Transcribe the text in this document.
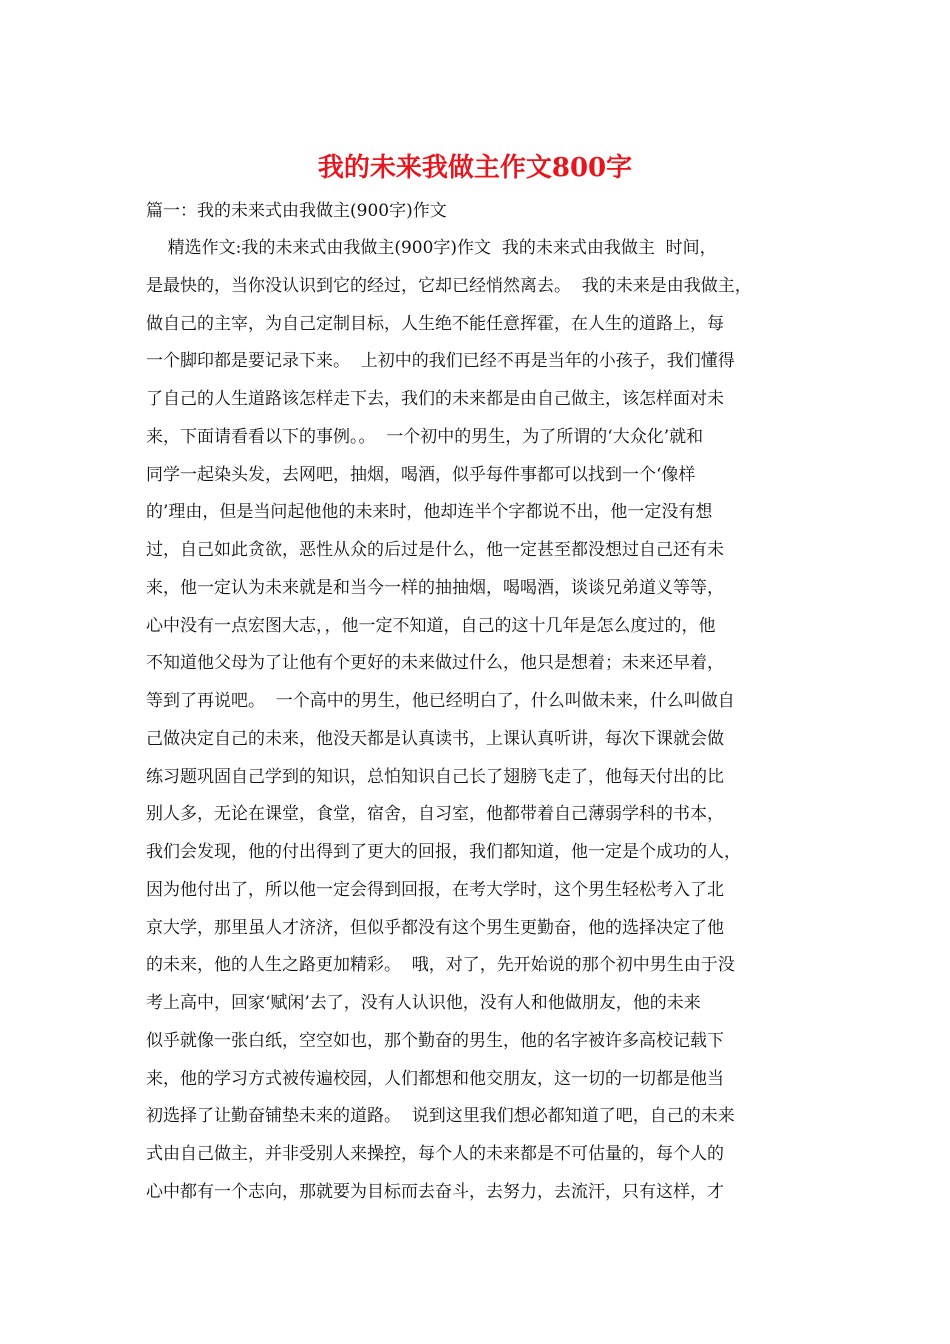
我的未来我做主作文800字
篇一：我的未来式由我做主(900字)作文
精选作文:我的未来式由我做主(900字)作文  我的未来式由我做主  时间，
是最快的，当你没认识到它的经过，它却已经悄然离去。  我的未来是由我做主，
做自己的主宰，为自己定制目标，人生绝不能任意挥霍，在人生的道路上，每
一个脚印都是要记录下来。  上初中的我们已经不再是当年的小孩子，我们懂得
了自己的人生道路该怎样走下去，我们的未来都是由自己做主，该怎样面对未
来，下面请看看以下的事例。。  一个初中的男生，为了所谓的‘大众化’就和
同学一起染头发，去网吧，抽烟，喝酒，似乎每件事都可以找到一个‘像样
的’理由，但是当问起他他的未来时，他却连半个字都说不出，他一定没有想
过，自己如此贪欲，恶性从众的后过是什么，他一定甚至都没想过自己还有未
来，他一定认为未来就是和当今一样的抽抽烟，喝喝酒，谈谈兄弟道义等等，
心中没有一点宏图大志，，他一定不知道，自己的这十几年是怎么度过的，他
不知道他父母为了让他有个更好的未来做过什么，他只是想着；未来还早着，
等到了再说吧。  一个高中的男生，他已经明白了，什么叫做未来，什么叫做自
己做决定自己的未来，他没天都是认真读书，上课认真听讲，每次下课就会做
练习题巩固自己学到的知识，总怕知识自己长了翅膀飞走了，他每天付出的比
别人多，无论在课堂，食堂，宿舍，自习室，他都带着自己薄弱学科的书本，
我们会发现，他的付出得到了更大的回报，我们都知道，他一定是个成功的人，
因为他付出了，所以他一定会得到回报，在考大学时，这个男生轻松考入了北
京大学，那里虽人才济济，但似乎都没有这个男生更勤奋，他的选择决定了他
的未来，他的人生之路更加精彩。  哦，对了，先开始说的那个初中男生由于没
考上高中，回家‘赋闲’去了，没有人认识他，没有人和他做朋友，他的未来
似乎就像一张白纸，空空如也，那个勤奋的男生，他的名字被许多高校记载下
来，他的学习方式被传遍校园，人们都想和他交朋友，这一切的一切都是他当
初选择了让勤奋铺垫未来的道路。  说到这里我们想必都知道了吧，自己的未来
式由自己做主，并非受别人来操控，每个人的未来都是不可估量的，每个人的
心中都有一个志向，那就要为目标而去奋斗，去努力，去流汗，只有这样，才
